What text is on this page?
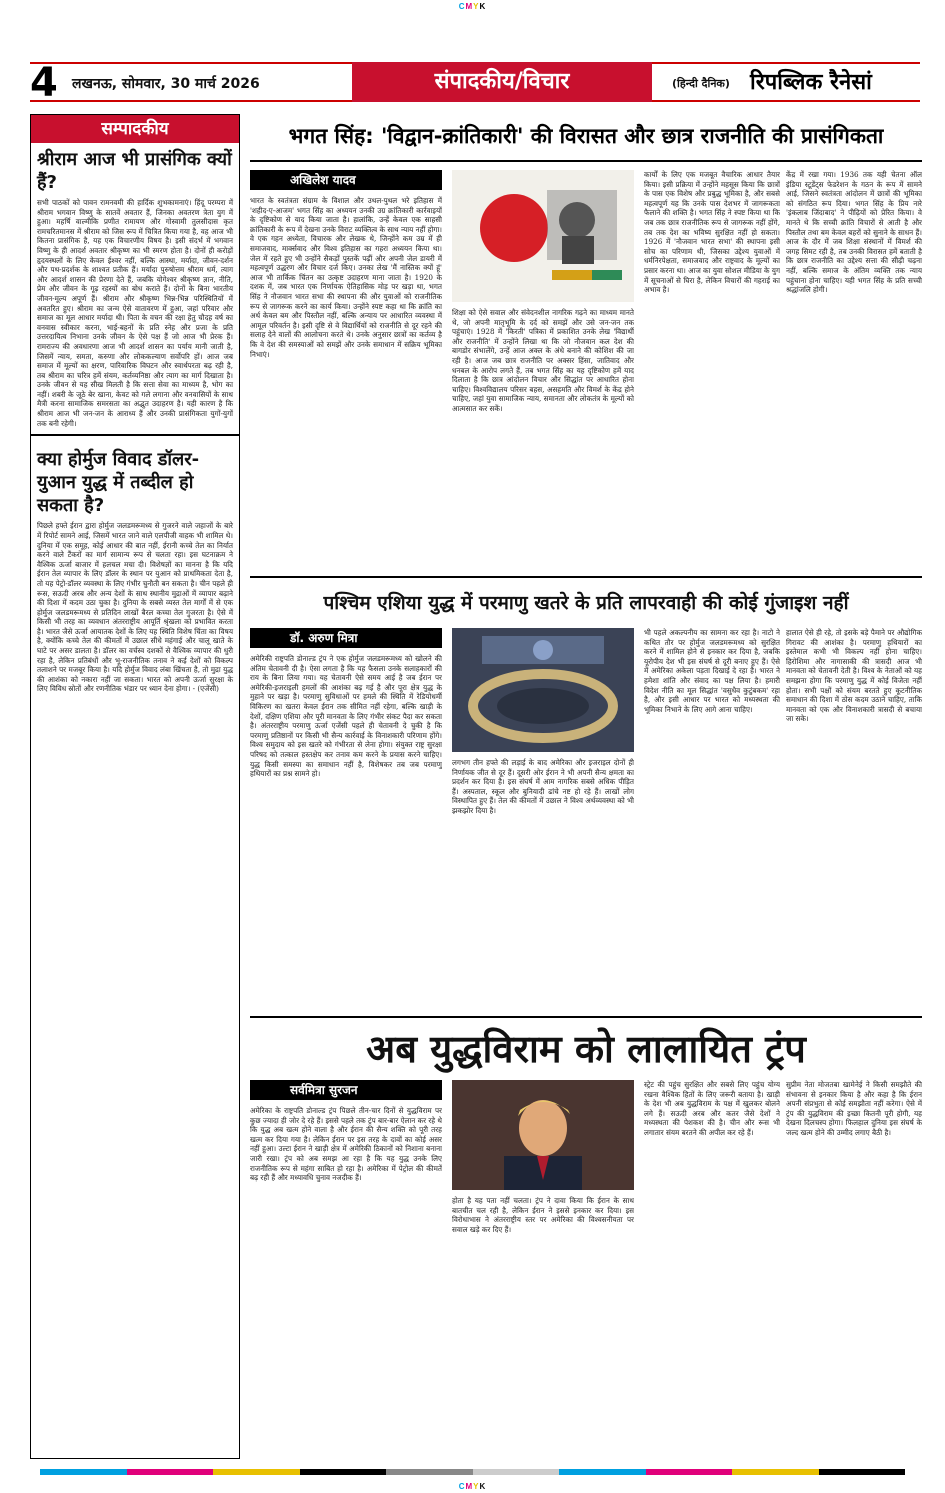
CMYK
4	लखनऊ, सोमवार, 30 मार्च 2026	संपादकीय/विचार	(हिन्दी दैनिक) रिपब्लिक रैनेसां
सम्पादकीय
श्रीराम आज भी प्रासंगिक क्यों हैं?
सभी पाठकों को पावन रामनवमी की हार्दिक शुभकामनाएं। हिंदू परम्परा में श्रीराम भगवान विष्णु के सातवें अवतार हैं, जिनका अवतरण त्रेता युग में हुआ। महर्षि वाल्मीकि प्रणीत रामायण और गोस्वामी तुलसीदास कृत रामचरितमानस में श्रीराम को जिस रूप में चित्रित किया गया है, वह आज भी कितना प्रासंगिक है, यह एक विचारणीय विषय है। इसी संदर्भ में भगवान विष्णु के ही आदर्श अवतार श्रीकृष्ण का भी स्मरण होता है। दोनों ही करोड़ों हृदयस्थलों के लिए केवल ईश्वर नहीं, बल्कि आस्था, मर्यादा, जीवन-दर्शन और पथ-प्रदर्शक के शाश्वत प्रतीक हैं। मर्यादा पुरुषोत्तम श्रीराम धर्म, त्याग और आदर्श शासन की प्रेरणा देते हैं, जबकि योगेश्वर श्रीकृष्ण ज्ञान, नीति, प्रेम और जीवन के गूढ़ रहस्यों का बोध कराते हैं। दोनों के बिना भारतीय जीवन-मूल्य अपूर्ण हैं। श्रीराम और श्रीकृष्ण भिन्न-भिन्न परिस्थितियों में अवतरित हुए। श्रीराम का जन्म ऐसे वातावरण में हुआ, जहां परिवार और समाज का मूल आधार मर्यादा थी। पिता के वचन की रक्षा हेतु चौदह वर्ष का वनवास स्वीकार करना, भाई-बहनों के प्रति स्नेह और प्रजा के प्रति उत्तरदायित्व निभाना उनके जीवन के ऐसे पक्ष हैं जो आज भी प्रेरक हैं। रामराज्य की अवधारणा आज भी आदर्श शासन का पर्याय मानी जाती है, जिसमें न्याय, समता, करुणा और लोककल्याण सर्वोपरि हों। आज जब समाज में मूल्यों का क्षरण, पारिवारिक विघटन और स्वार्थपरता बढ़ रही है, तब श्रीराम का चरित्र हमें संयम, कर्तव्यनिष्ठा और त्याग का मार्ग दिखाता है। उनके जीवन से यह सीख मिलती है कि सत्ता सेवा का माध्यम है, भोग का नहीं। शबरी के जूठे बेर खाना, केवट को गले लगाना और वनवासियों के साथ मैत्री करना सामाजिक समरसता का अद्भुत उदाहरण है। यही कारण है कि श्रीराम आज भी जन-जन के आराध्य हैं और उनकी प्रासंगिकता युगों-युगों तक बनी रहेगी।
क्या होर्मुज विवाद डॉलर-युआन युद्ध में तब्दील हो सकता है?
पिछले हफ्ते ईरान द्वारा होर्मुज जलडमरूमध्य से गुजरने वाले जहाजों के बारे में रिपोर्ट सामने आई, जिसमें भारत जाने वाले एलपीजी वाहक भी शामिल थे। दुनिया में एक समूह, कोई आधार की बात नहीं, ईरानी कच्चे तेल का निर्यात करने वाले टैंकरों का मार्ग सामान्य रूप से चलता रहा। इस घटनाक्रम ने वैश्विक ऊर्जा बाजार में हलचल मचा दी। विशेषज्ञों का मानना है कि यदि ईरान तेल व्यापार के लिए डॉलर के स्थान पर युआन को प्राथमिकता देता है, तो यह पेट्रो-डॉलर व्यवस्था के लिए गंभीर चुनौती बन सकता है। चीन पहले ही रूस, सऊदी अरब और अन्य देशों के साथ स्थानीय मुद्राओं में व्यापार बढ़ाने की दिशा में कदम उठा चुका है। दुनिया के सबसे व्यस्त तेल मार्गों में से एक होर्मुज जलडमरूमध्य से प्रतिदिन लाखों बैरल कच्चा तेल गुजरता है। ऐसे में किसी भी तरह का व्यवधान अंतरराष्ट्रीय आपूर्ति श्रृंखला को प्रभावित करता है। भारत जैसे ऊर्जा आयातक देशों के लिए यह स्थिति विशेष चिंता का विषय है, क्योंकि कच्चे तेल की कीमतों में उछाल सीधे महंगाई और चालू खाते के घाटे पर असर डालता है। डॉलर का वर्चस्व दशकों से वैश्विक व्यापार की धुरी रहा है, लेकिन प्रतिबंधों और भू-राजनीतिक तनाव ने कई देशों को विकल्प तलाशने पर मजबूर किया है। यदि होर्मुज विवाद लंबा खिंचता है, तो मुद्रा युद्ध की आशंका को नकारा नहीं जा सकता। भारत को अपनी ऊर्जा सुरक्षा के लिए विविध स्रोतों और रणनीतिक भंडार पर ध्यान देना होगा। - (एजेंसी)
भगत सिंह: 'विद्वान-क्रांतिकारी' की विरासत और छात्र राजनीति की प्रासंगिकता
अखिलेश यादव
भारत के स्वतंत्रता संग्राम के विशाल और उथल-पुथल भरे इतिहास में 'शहीद-ए-आजम' भगत सिंह का अध्ययन उनकी उग्र क्रांतिकारी कार्रवाइयों के दृष्टिकोण से याद किया जाता है। हालांकि, उन्हें केवल एक साहसी क्रांतिकारी के रूप में देखना उनके विराट व्यक्तित्व के साथ न्याय नहीं होगा। वे एक गहन अध्येता, विचारक और लेखक थे, जिन्होंने कम उम्र में ही समाजवाद, मार्क्सवाद और विश्व इतिहास का गहरा अध्ययन किया था। जेल में रहते हुए भी उन्होंने सैकड़ों पुस्तकें पढ़ीं और अपनी जेल डायरी में महत्वपूर्ण उद्धरण और विचार दर्ज किए। उनका लेख 'मैं नास्तिक क्यों हूं' आज भी तार्किक चिंतन का उत्कृष्ट उदाहरण माना जाता है। 1920 के दशक में, जब भारत एक निर्णायक ऐतिहासिक मोड़ पर खड़ा था, भगत सिंह ने नौजवान भारत सभा की स्थापना की और युवाओं को राजनीतिक रूप से जागरूक करने का कार्य किया। उन्होंने स्पष्ट कहा था कि क्रांति का अर्थ केवल बम और पिस्तौल नहीं, बल्कि अन्याय पर आधारित व्यवस्था में आमूल परिवर्तन है। इसी दृष्टि से वे विद्यार्थियों को राजनीति से दूर रहने की सलाह देने वालों की आलोचना करते थे। उनके अनुसार छात्रों का कर्तव्य है कि वे देश की समस्याओं को समझें और उनके समाधान में सक्रिय भूमिका निभाएं।
शिक्षा को ऐसे सवाल और संवेदनशील नागरिक गढ़ने का माध्यम मानते थे, जो अपनी मातृभूमि के दर्द को समझें और उसे जन-जन तक पहुंचाएं। 1928 में 'किरती' पत्रिका में प्रकाशित उनके लेख 'विद्यार्थी और राजनीति' में उन्होंने लिखा था कि जो नौजवान कल देश की बागडोर संभालेंगे, उन्हें आज अक्ल के अंधे बनाने की कोशिश की जा रही है। आज जब छात्र राजनीति पर अक्सर हिंसा, जातिवाद और धनबल के आरोप लगते हैं, तब भगत सिंह का यह दृष्टिकोण हमें याद दिलाता है कि छात्र आंदोलन विचार और सिद्धांत पर आधारित होना चाहिए। विश्वविद्यालय परिसर बहस, असहमति और विमर्श के केंद्र होने चाहिए, जहां युवा सामाजिक न्याय, समानता और लोकतंत्र के मूल्यों को आत्मसात कर सकें।
कार्यों के लिए एक मजबूत वैचारिक आधार तैयार किया। इसी प्रक्रिया में उन्होंने महसूस किया कि छात्रों के पास एक विशेष और प्रबुद्ध भूमिका है, और सबसे महत्वपूर्ण यह कि उनके पास देशभर में जागरूकता फैलाने की शक्ति है। भगत सिंह ने स्पष्ट किया था कि जब तक छात्र राजनीतिक रूप से जागरूक नहीं होंगे, तब तक देश का भविष्य सुरक्षित नहीं हो सकता। 1926 में 'नौजवान भारत सभा' की स्थापना इसी सोच का परिणाम थी, जिसका उद्देश्य युवाओं में धर्मनिरपेक्षता, समाजवाद और राष्ट्रवाद के मूल्यों का प्रसार करना था। आज का युवा सोशल मीडिया के युग में सूचनाओं से घिरा है, लेकिन विचारों की गहराई का अभाव है।
केंद्र में रखा गया। 1936 तक यही चेतना ऑल इंडिया स्टूडेंट्स फेडरेशन के गठन के रूप में सामने आई, जिसने स्वतंत्रता आंदोलन में छात्रों की भूमिका को संगठित रूप दिया। भगत सिंह के प्रिय नारे 'इंकलाब जिंदाबाद' ने पीढ़ियों को प्रेरित किया। वे मानते थे कि सच्ची क्रांति विचारों से आती है और पिस्तौल तथा बम केवल बहरों को सुनाने के साधन हैं। आज के दौर में जब शिक्षा संस्थानों में विमर्श की जगह सिमट रही है, तब उनकी विरासत हमें बताती है कि छात्र राजनीति का उद्देश्य सत्ता की सीढ़ी चढ़ना नहीं, बल्कि समाज के अंतिम व्यक्ति तक न्याय पहुंचाना होना चाहिए। यही भगत सिंह के प्रति सच्ची श्रद्धांजलि होगी।
पश्चिम एशिया युद्ध में परमाणु खतरे के प्रति लापरवाही की कोई गुंजाइश नहीं
डॉ. अरुण मित्रा
अमेरिकी राष्ट्रपति डोनाल्ड ट्रंप ने एक होर्मुज जलडमरूमध्य को खोलने की अंतिम चेतावनी दी है। ऐसा लगता है कि यह फैसला उनके सलाहकारों की राय के बिना लिया गया। यह चेतावनी ऐसे समय आई है जब ईरान पर अमेरिकी-इजराइली हमलों की आशंका बढ़ गई है और पूरा क्षेत्र युद्ध के मुहाने पर खड़ा है। परमाणु सुविधाओं पर हमले की स्थिति में रेडियोधर्मी विकिरण का खतरा केवल ईरान तक सीमित नहीं रहेगा, बल्कि खाड़ी के देशों, दक्षिण एशिया और पूरी मानवता के लिए गंभीर संकट पैदा कर सकता है। अंतरराष्ट्रीय परमाणु ऊर्जा एजेंसी पहले ही चेतावनी दे चुकी है कि परमाणु प्रतिष्ठानों पर किसी भी सैन्य कार्रवाई के विनाशकारी परिणाम होंगे। विश्व समुदाय को इस खतरे को गंभीरता से लेना होगा। संयुक्त राष्ट्र सुरक्षा परिषद को तत्काल हस्तक्षेप कर तनाव कम करने के प्रयास करने चाहिए। युद्ध किसी समस्या का समाधान नहीं है, विशेषकर तब जब परमाणु हथियारों का प्रश्न सामने हो।
लगभग तीन हफ्ते की लड़ाई के बाद अमेरिका और इजराइल दोनों ही निर्णायक जीत से दूर हैं। दूसरी ओर ईरान ने भी अपनी सैन्य क्षमता का प्रदर्शन कर दिया है। इस संघर्ष में आम नागरिक सबसे अधिक पीड़ित हैं। अस्पताल, स्कूल और बुनियादी ढांचे नष्ट हो रहे हैं। लाखों लोग विस्थापित हुए हैं। तेल की कीमतों में उछाल ने विश्व अर्थव्यवस्था को भी झकझोर दिया है।
भी पहले अकल्पनीय का सामना कर रहा है। नाटो ने कथित तौर पर होर्मुज जलडमरूमध्य को सुरक्षित करने में शामिल होने से इनकार कर दिया है, जबकि यूरोपीय देश भी इस संघर्ष से दूरी बनाए हुए हैं। ऐसे में अमेरिका अकेला पड़ता दिखाई दे रहा है। भारत ने हमेशा शांति और संवाद का पक्ष लिया है। हमारी विदेश नीति का मूल सिद्धांत 'वसुधैव कुटुंबकम' रहा है, और इसी आधार पर भारत को मध्यस्थता की भूमिका निभाने के लिए आगे आना चाहिए।
हालात ऐसे ही रहे, तो इसके बड़े पैमाने पर औद्योगिक गिरावट की आशंका है। परमाणु हथियारों का इस्तेमाल कभी भी विकल्प नहीं होना चाहिए। हिरोशिमा और नागासाकी की त्रासदी आज भी मानवता को चेतावनी देती है। विश्व के नेताओं को यह समझना होगा कि परमाणु युद्ध में कोई विजेता नहीं होता। सभी पक्षों को संयम बरतते हुए कूटनीतिक समाधान की दिशा में ठोस कदम उठाने चाहिए, ताकि मानवता को एक और विनाशकारी त्रासदी से बचाया जा सके।
अब युद्धविराम को लालायित ट्रंप
सर्वमित्रा सुरजन
अमेरिका के राष्ट्रपति डोनाल्ड ट्रंप पिछले तीन-चार दिनों से युद्धविराम पर कुछ ज्यादा ही जोर दे रहे हैं। इससे पहले तक ट्रंप बार-बार ऐलान कर रहे थे कि युद्ध अब खत्म होने वाला है और ईरान की सैन्य शक्ति को पूरी तरह खत्म कर दिया गया है। लेकिन ईरान पर इस तरह के दावों का कोई असर नहीं हुआ। उल्टा ईरान ने खाड़ी क्षेत्र में अमेरिकी ठिकानों को निशाना बनाना जारी रखा। ट्रंप को अब समझ आ रहा है कि यह युद्ध उनके लिए राजनीतिक रूप से महंगा साबित हो रहा है। अमेरिका में पेट्रोल की कीमतें बढ़ रही हैं और मध्यावधि चुनाव नजदीक हैं।
होता है यह पता नहीं चलता। ट्रंप ने दावा किया कि ईरान के साथ बातचीत चल रही है, लेकिन ईरान ने इससे इनकार कर दिया। इस विरोधाभास ने अंतरराष्ट्रीय स्तर पर अमेरिका की विश्वसनीयता पर सवाल खड़े कर दिए हैं।
स्ट्रेट की पहुंच सुरक्षित और सबसे लिए पहुंच योग्य रखना वैश्विक हितों के लिए जरूरी बताया है। खाड़ी के देश भी अब युद्धविराम के पक्ष में खुलकर बोलने लगे हैं। सऊदी अरब और कतर जैसे देशों ने मध्यस्थता की पेशकश की है। चीन और रूस भी लगातार संयम बरतने की अपील कर रहे हैं।
सुप्रीम नेता मोजतबा खामेनेई ने किसी समझौते की संभावना से इनकार किया है और कहा है कि ईरान अपनी संप्रभुता से कोई समझौता नहीं करेगा। ऐसे में ट्रंप की युद्धविराम की इच्छा कितनी पूरी होगी, यह देखना दिलचस्प होगा। फिलहाल दुनिया इस संघर्ष के जल्द खत्म होने की उम्मीद लगाए बैठी है।
CMYK
